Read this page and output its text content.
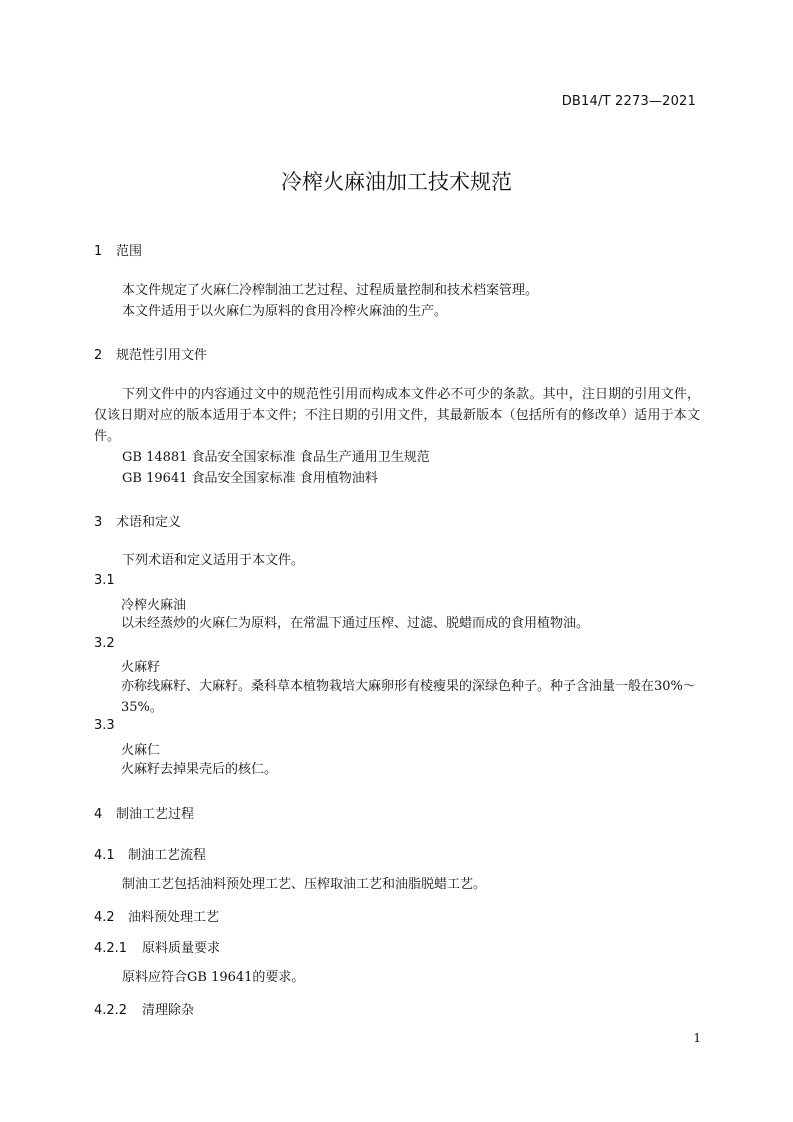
DB14/T 2273—2021
冷榨火麻油加工技术规范
1 范围
本文件规定了火麻仁冷榨制油工艺过程、过程质量控制和技术档案管理。
本文件适用于以火麻仁为原料的食用冷榨火麻油的生产。
2 规范性引用文件
下列文件中的内容通过文中的规范性引用而构成本文件必不可少的条款。其中，注日期的引用文件，仅该日期对应的版本适用于本文件；不注日期的引用文件，其最新版本（包括所有的修改单）适用于本文件。
GB 14881 食品安全国家标准 食品生产通用卫生规范
GB 19641 食品安全国家标准 食用植物油料
3 术语和定义
下列术语和定义适用于本文件。
3.1
冷榨火麻油
以未经蒸炒的火麻仁为原料，在常温下通过压榨、过滤、脱蜡而成的食用植物油。
3.2
火麻籽
亦称线麻籽、大麻籽。桑科草本植物栽培大麻卵形有棱瘦果的深绿色种子。种子含油量一般在30%～35%。
3.3
火麻仁
火麻籽去掉果壳后的核仁。
4 制油工艺过程
4.1 制油工艺流程
制油工艺包括油料预处理工艺、压榨取油工艺和油脂脱蜡工艺。
4.2 油料预处理工艺
4.2.1 原料质量要求
原料应符合GB 19641的要求。
4.2.2 清理除杂
1
